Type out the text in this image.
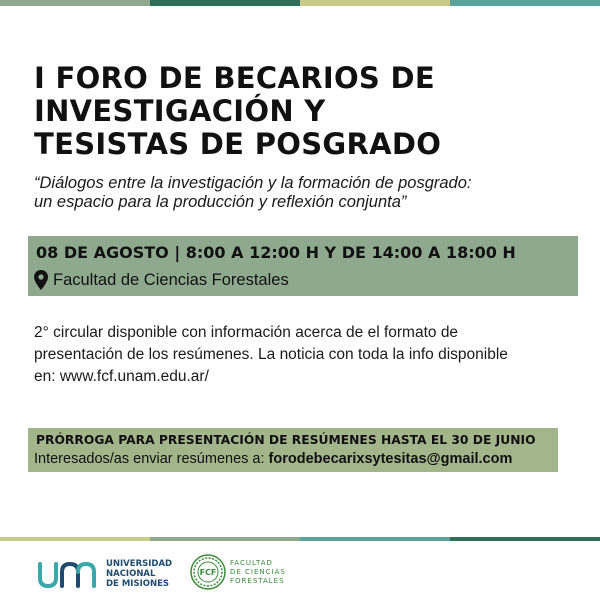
I FORO DE BECARIOS DE
INVESTIGACIÓN Y
TESISTAS DE POSGRADO
“Diálogos entre la investigación y la formación de posgrado:
un espacio para la producción y reflexión conjunta”
08 DE AGOSTO | 8:00 A 12:00 H Y DE 14:00 A 18:00 H
Facultad de Ciencias Forestales
2° circular disponible con información acerca de el formato de
presentación de los resúmenes. La noticia con toda la info disponible
en: www.fcf.unam.edu.ar/
PRÓRROGA PARA PRESENTACIÓN DE RESÚMENES HASTA EL 30 DE JUNIO
Interesados/as enviar resúmenes a: forodebecarixsytesitas@gmail.com
UNIVERSIDAD
NACIONAL
DE MISIONES
FCF
FACULTAD
DE CIENCIAS
FORESTALES
